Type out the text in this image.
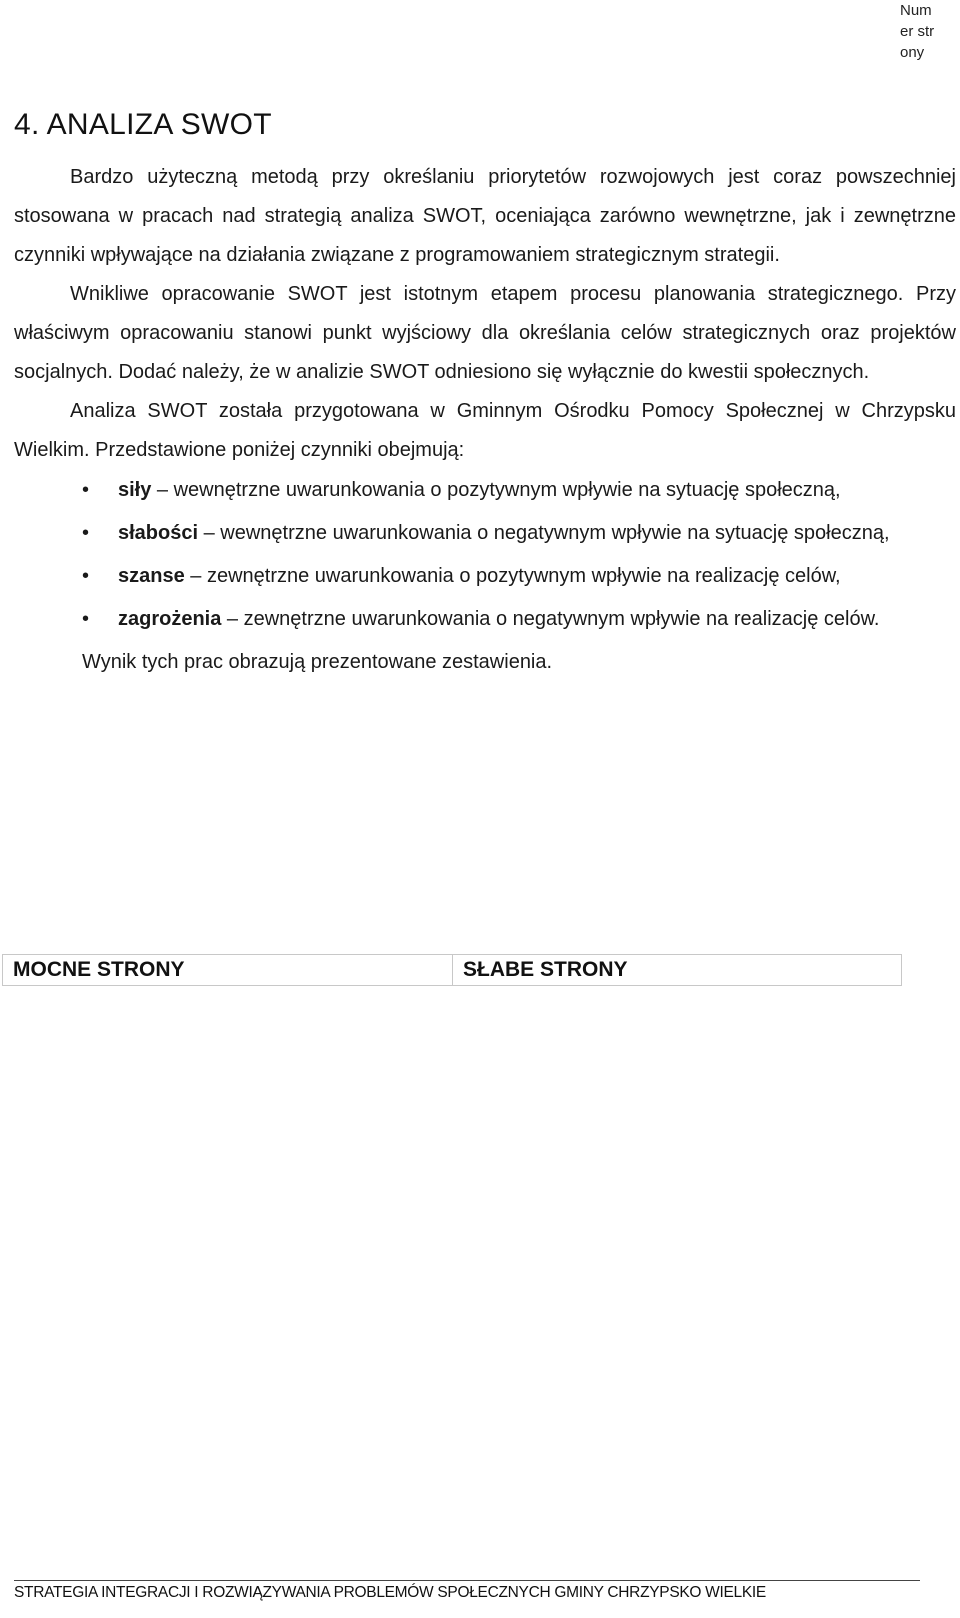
Numer strony
4. ANALIZA SWOT

Bardzo użyteczną metodą przy określaniu priorytetów rozwojowych jest coraz powszechniej stosowana w pracach nad strategią analiza SWOT, oceniająca zarówno wewnętrzne, jak i zewnętrzne czynniki wpływające na działania związane z programowaniem strategicznym strategii.

Wnikliwe opracowanie SWOT jest istotnym etapem procesu planowania strategicznego. Przy właściwym opracowaniu stanowi punkt wyjściowy dla określania celów strategicznych oraz projektów socjalnych. Dodać należy, że w analizie SWOT odniesiono się wyłącznie do kwestii społecznych.

Analiza SWOT została przygotowana w Gminnym Ośrodku Pomocy Społecznej w Chrzypsku Wielkim. Przedstawione poniżej czynniki obejmują:

• siły – wewnętrzne uwarunkowania o pozytywnym wpływie na sytuację społeczną,
• słabości – wewnętrzne uwarunkowania o negatywnym wpływie na sytuację społeczną,
• szanse – zewnętrzne uwarunkowania o pozytywnym wpływie na realizację celów,
• zagrożenia – zewnętrzne uwarunkowania o negatywnym wpływie na realizację celów.

Wynik tych prac obrazują prezentowane zestawienia.

MOCNE STRONY	SŁABE STRONY
STRATEGIA INTEGRACJI I ROZWIĄZYWANIA PROBLEMÓW SPOŁECZNYCH GMINY CHRZYPSKO WIELKIE
